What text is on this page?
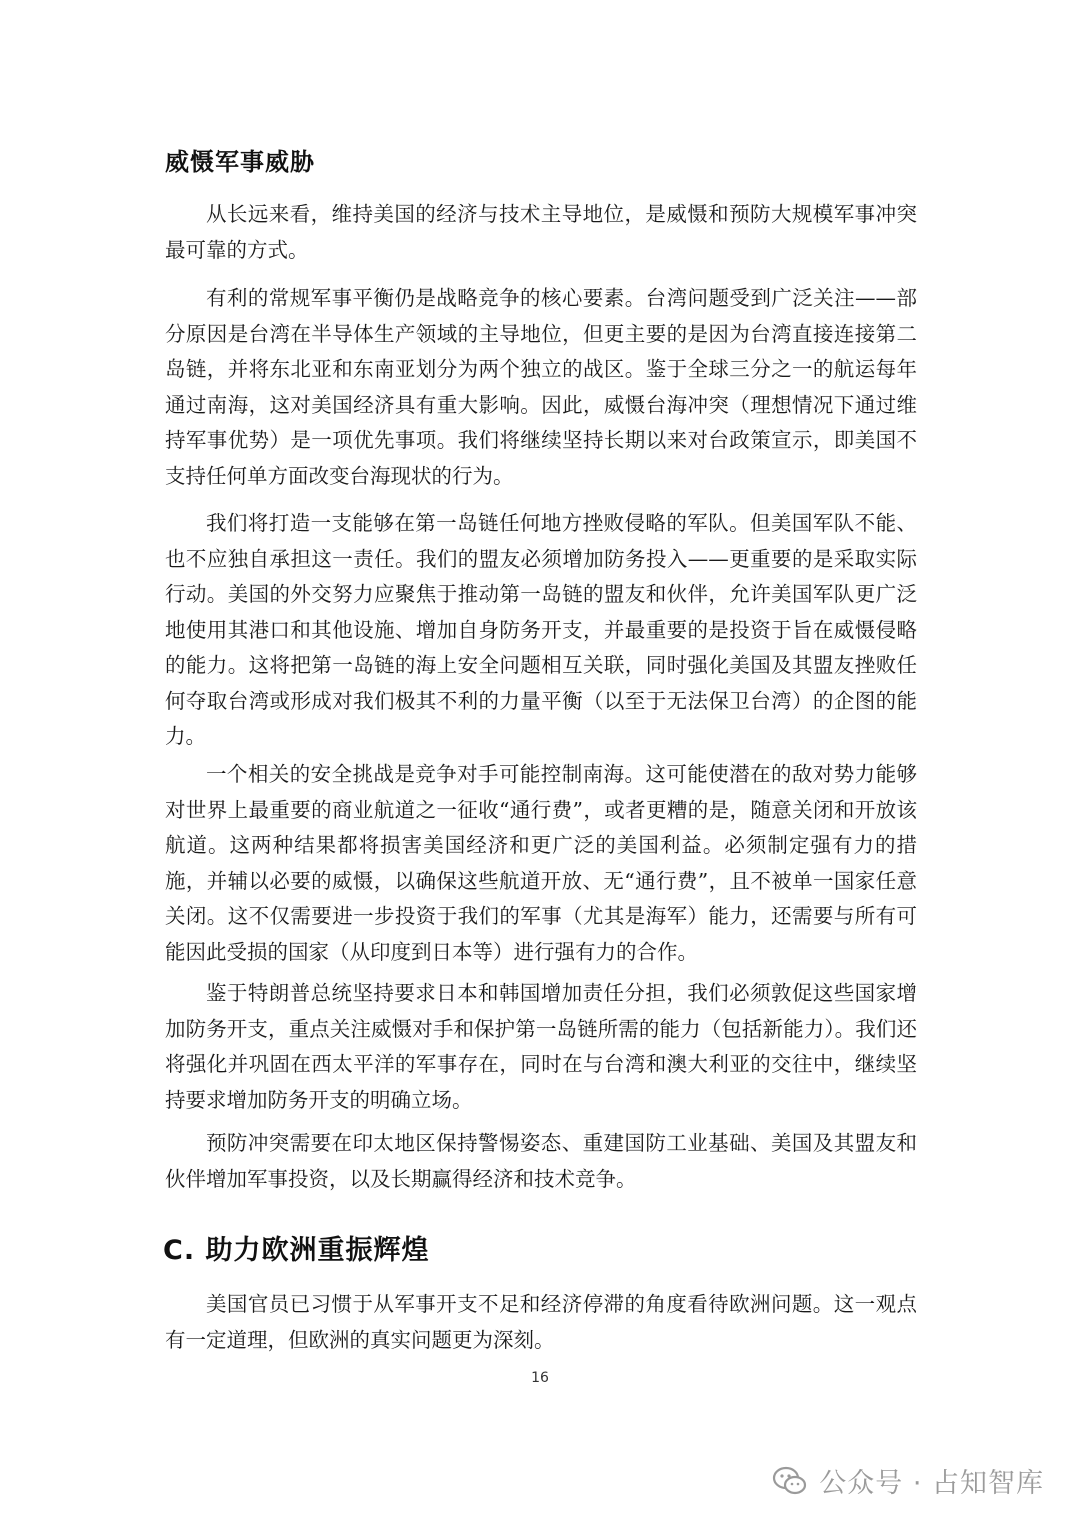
威慑军事威胁

从长远来看，维持美国的经济与技术主导地位，是威慑和预防大规模军事冲突最可靠的方式。

有利的常规军事平衡仍是战略竞争的核心要素。台湾问题受到广泛关注——部分原因是台湾在半导体生产领域的主导地位，但更主要的是因为台湾直接连接第二岛链，并将东北亚和东南亚划分为两个独立的战区。鉴于全球三分之一的航运每年通过南海，这对美国经济具有重大影响。因此，威慑台海冲突（理想情况下通过维持军事优势）是一项优先事项。我们将继续坚持长期以来对台政策宣示，即美国不支持任何单方面改变台海现状的行为。

我们将打造一支能够在第一岛链任何地方挫败侵略的军队。但美国军队不能、也不应独自承担这一责任。我们的盟友必须增加防务投入——更重要的是采取实际行动。美国的外交努力应聚焦于推动第一岛链的盟友和伙伴，允许美国军队更广泛地使用其港口和其他设施、增加自身防务开支，并最重要的是投资于旨在威慑侵略的能力。这将把第一岛链的海上安全问题相互关联，同时强化美国及其盟友挫败任何夺取台湾或形成对我们极其不利的力量平衡（以至于无法保卫台湾）的企图的能力。

一个相关的安全挑战是竞争对手可能控制南海。这可能使潜在的敌对势力能够对世界上最重要的商业航道之一征收“通行费”，或者更糟的是，随意关闭和开放该航道。这两种结果都将损害美国经济和更广泛的美国利益。必须制定强有力的措施，并辅以必要的威慑，以确保这些航道开放、无“通行费”，且不被单一国家任意关闭。这不仅需要进一步投资于我们的军事（尤其是海军）能力，还需要与所有可能因此受损的国家（从印度到日本等）进行强有力的合作。

鉴于特朗普总统坚持要求日本和韩国增加责任分担，我们必须敦促这些国家增加防务开支，重点关注威慑对手和保护第一岛链所需的能力（包括新能力）。我们还将强化并巩固在西太平洋的军事存在，同时在与台湾和澳大利亚的交往中，继续坚持要求增加防务开支的明确立场。

预防冲突需要在印太地区保持警惕姿态、重建国防工业基础、美国及其盟友和伙伴增加军事投资，以及长期赢得经济和技术竞争。

C. 助力欧洲重振辉煌

美国官员已习惯于从军事开支不足和经济停滞的角度看待欧洲问题。这一观点有一定道理，但欧洲的真实问题更为深刻。

16
公众号 · 占知智库
